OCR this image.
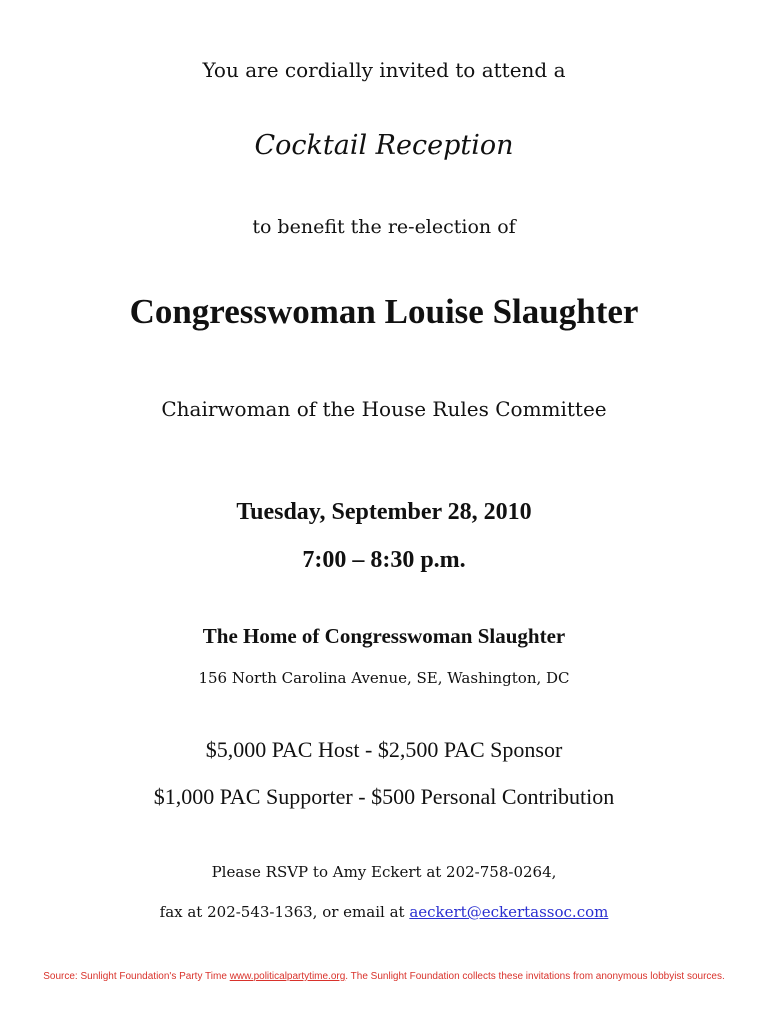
You are cordially invited to attend a
Cocktail Reception
to benefit the re-election of
Congresswoman Louise Slaughter
Chairwoman of the House Rules Committee
Tuesday, September 28, 2010
7:00 – 8:30 p.m.
The Home of Congresswoman Slaughter
156 North Carolina Avenue, SE, Washington, DC
$5,000 PAC Host - $2,500 PAC Sponsor
$1,000 PAC Supporter - $500 Personal Contribution
Please RSVP to Amy Eckert at 202-758-0264,
fax at 202-543-1363, or email at aeckert@eckertassoc.com
Source: Sunlight Foundation's Party Time www.politicalpartytime.org. The Sunlight Foundation collects these invitations from anonymous lobbyist sources.
